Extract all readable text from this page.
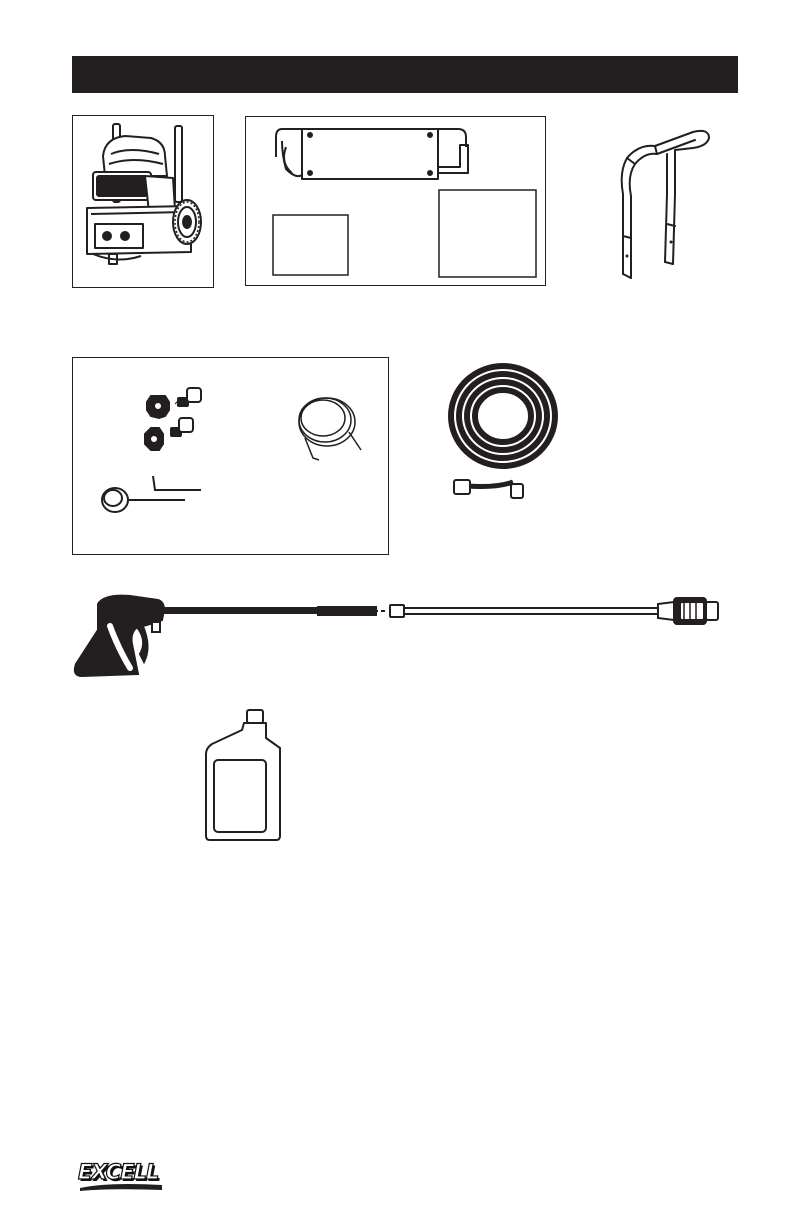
EXCELL
